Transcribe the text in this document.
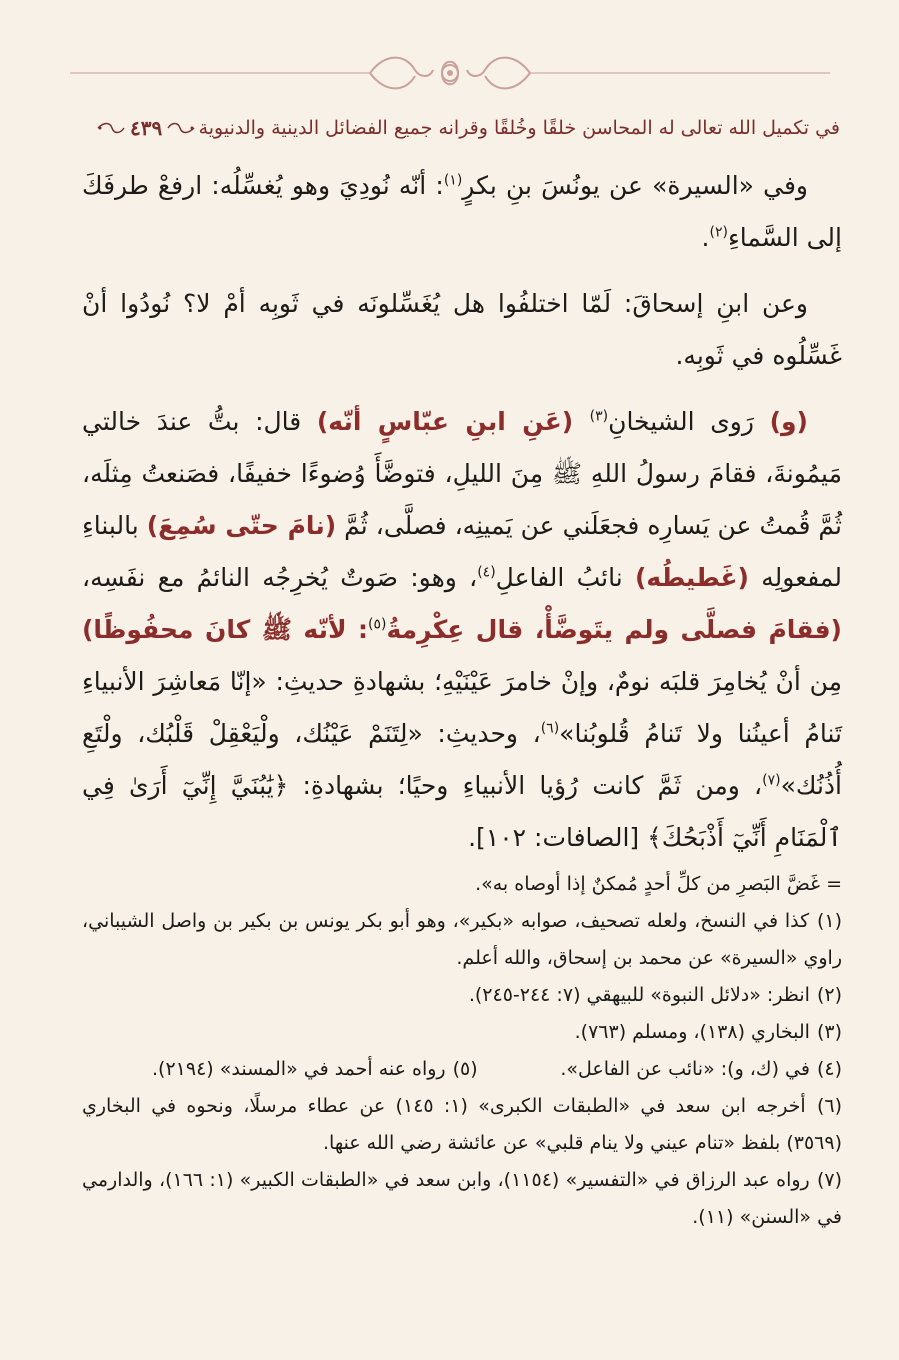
في تكميل الله تعالى له المحاسن خلقًا وخُلقًا وقرانه جميع الفضائل الدينية والدنيوية
٤٣٩

وفي «السيرة» عن يونُسَ بنِ بكرٍ$^{(١)}$: أنّه نُودِيَ وهو يُغسِّلُه: ارفعْ طرفَكَ إلى السَّماءِ$^{(٢)}$.

وعن ابنِ إسحاقَ: لَمّا اختلفُوا هل يُغَسِّلونَه في ثَوبِه أمْ لا؟ نُودُوا أنْ غَسِّلُوه في ثَوبِه.

(و) رَوى الشيخانِ$^{(٣)}$ (عَنِ ابنِ عبّاسٍ أنّه) قال: بتُّ عندَ خالتي مَيمُونةَ، فقامَ رسولُ اللهِ ﷺ مِنَ الليلِ، فتوضَّأَ وُضوءًا خفيفًا، فصَنعتُ مِثلَه، ثُمَّ قُمتُ عن يَسارِه فجعَلَني عن يَمينِه، فصلَّى، ثُمَّ (نامَ حتّى سُمِعَ) بالبناءِ لمفعولِه (غَطيطُه) نائبُ الفاعلِ$^{(٤)}$، وهو: صَوتٌ يُخرِجُه النائمُ مع نفَسِه، (فقامَ فصلَّى ولم يتَوضَّأْ، قال عِكْرِمةُ$^{(٥)}$: لأنّه ﷺ كانَ محفُوظًا) مِن أنْ يُخامِرَ قلبَه نومٌ، وإنْ خامرَ عَيْنَيْهِ؛ بشهادةِ حديثِ: «إنّا مَعاشِرَ الأنبياءِ تَنامُ أعينُنا ولا تَنامُ قُلوبُنا»$^{(٦)}$، وحديثِ: «لِتَنَمْ عَيْنُك، ولْيَعْقِلْ قَلْبُك، ولْتَعِ أُذُنُك»$^{(٧)}$، ومن ثَمَّ كانت رُؤيا الأنبياءِ وحيًا؛ بشهادةِ: ﴿يَٰبُنَيَّ إِنِّيٓ أَرَىٰ فِي ٱلْمَنَامِ أَنِّيٓ أَذْبَحُكَ﴾ [الصافات: ١٠٢].

= غَضَّ البَصرِ من كلِّ أحدٍ مُمكنٌ إذا أوصاه به».

(١) كذا في النسخ، ولعله تصحيف، صوابه «بكير»، وهو أبو بكر يونس بن بكير بن واصل الشيباني، راوي «السيرة» عن محمد بن إسحاق، والله أعلم.

(٢) انظر: «دلائل النبوة» للبيهقي (٧: ٢٤٤-٢٤٥).

(٣) البخاري (١٣٨)، ومسلم (٧٦٣).

(٤) في (ك، و): «نائب عن الفاعل».
(٥) رواه عنه أحمد في «المسند» (٢١٩٤).

(٦) أخرجه ابن سعد في «الطبقات الكبرى» (١: ١٤٥) عن عطاء مرسلًا، ونحوه في البخاري (٣٥٦٩) بلفظ «تنام عيني ولا ينام قلبي» عن عائشة رضي الله عنها.

(٧) رواه عبد الرزاق في «التفسير» (١١٥٤)، وابن سعد في «الطبقات الكبير» (١: ١٦٦)، والدارمي في «السنن» (١١).
